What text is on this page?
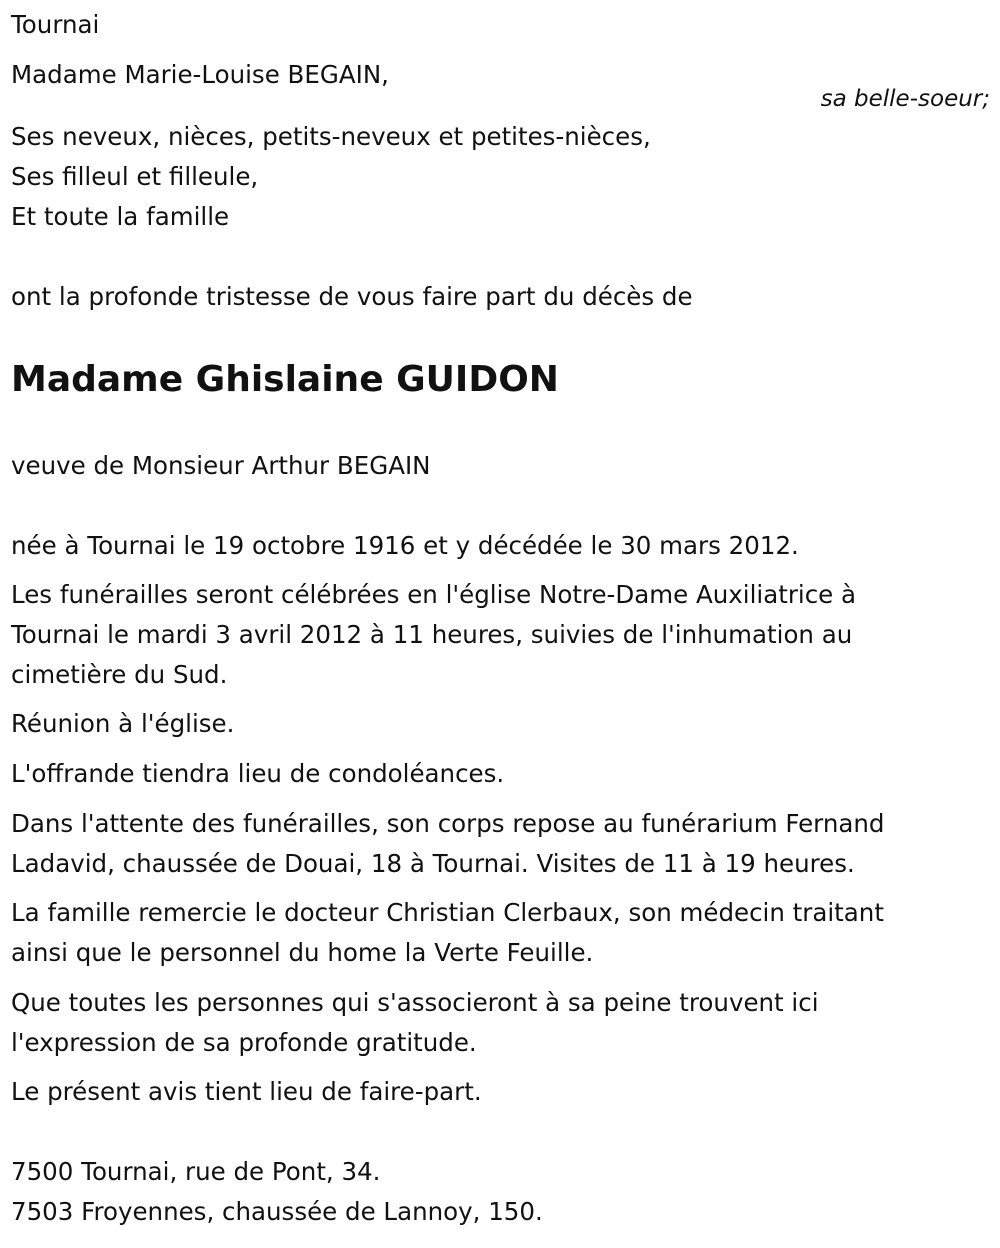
Tournai
Madame Marie-Louise BEGAIN,
sa belle-soeur;
Ses neveux, nièces, petits-neveux et petites-nièces,
Ses filleul et filleule,
Et toute la famille
ont la profonde tristesse de vous faire part du décès de
Madame Ghislaine GUIDON
veuve de Monsieur Arthur BEGAIN
née à Tournai le 19 octobre 1916 et y décédée le 30 mars 2012.
Les funérailles seront célébrées en l'église Notre-Dame Auxiliatrice à
Tournai le mardi 3 avril 2012 à 11 heures, suivies de l'inhumation au
cimetière du Sud.
Réunion à l'église.
L'offrande tiendra lieu de condoléances.
Dans l'attente des funérailles, son corps repose au funérarium Fernand
Ladavid, chaussée de Douai, 18 à Tournai. Visites de 11 à 19 heures.
La famille remercie le docteur Christian Clerbaux, son médecin traitant
ainsi que le personnel du home la Verte Feuille.
Que toutes les personnes qui s'associeront à sa peine trouvent ici
l'expression de sa profonde gratitude.
Le présent avis tient lieu de faire-part.
7500 Tournai, rue de Pont, 34.
7503 Froyennes, chaussée de Lannoy, 150.
